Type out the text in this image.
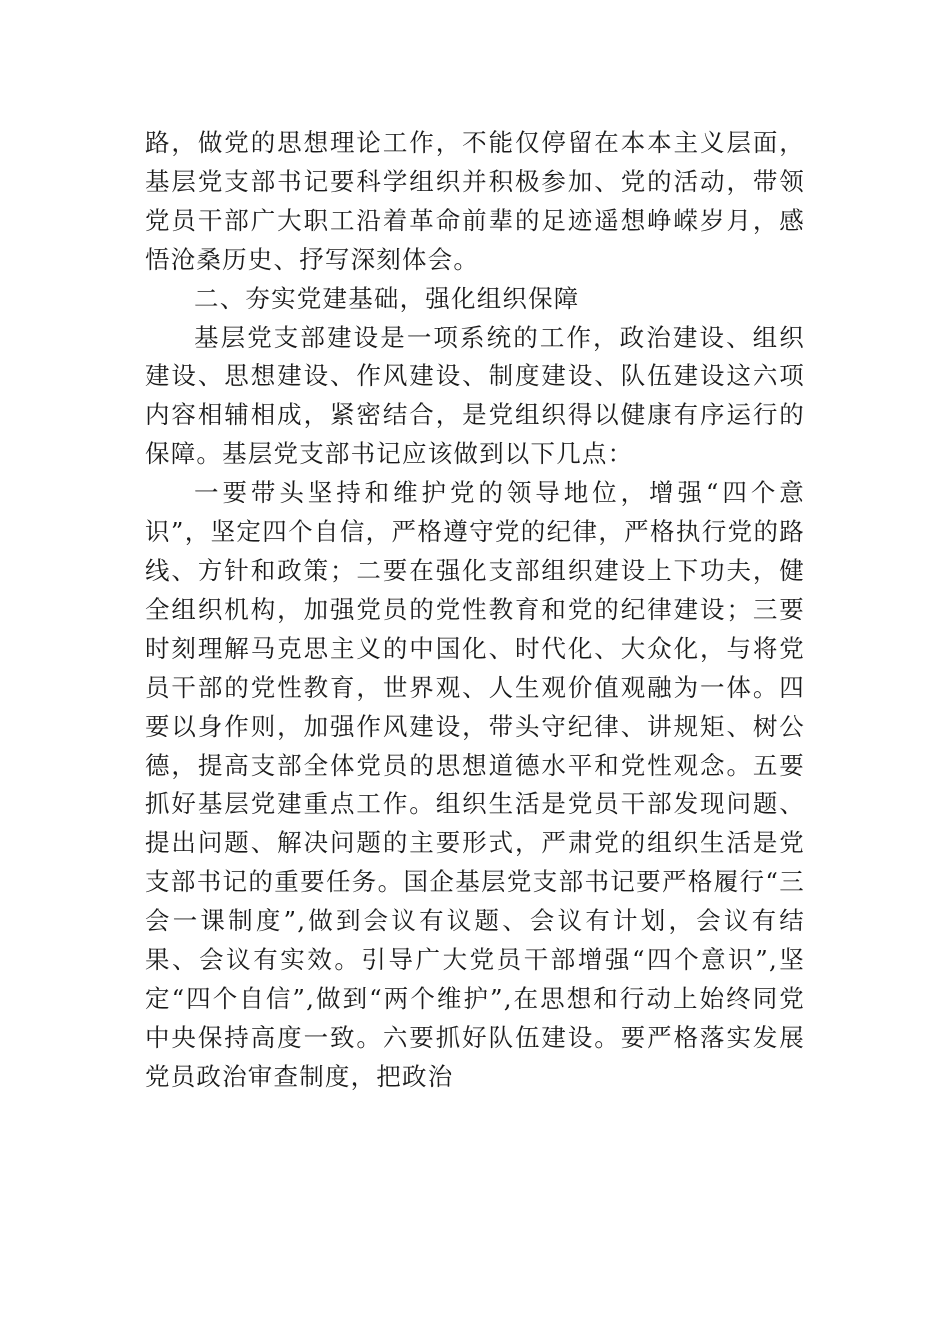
路，做党的思想理论工作，不能仅停留在本本主义层面，基层党支部书记要科学组织并积极参加、党的活动，带领党员干部广大职工沿着革命前辈的足迹遥想峥嵘岁月，感悟沧桑历史、抒写深刻体会。

二、夯实党建基础，强化组织保障

基层党支部建设是一项系统的工作，政治建设、组织建设、思想建设、作风建设、制度建设、队伍建设这六项内容相辅相成，紧密结合，是党组织得以健康有序运行的保障。基层党支部书记应该做到以下几点：

一要带头坚持和维护党的领导地位，增强“四个意识”，坚定四个自信，严格遵守党的纪律，严格执行党的路线、方针和政策；二要在强化支部组织建设上下功夫，健全组织机构，加强党员的党性教育和党的纪律建设；三要时刻理解马克思主义的中国化、时代化、大众化，与将党员干部的党性教育，世界观、人生观价值观融为一体。四要以身作则，加强作风建设，带头守纪律、讲规矩、树公德，提高支部全体党员的思想道德水平和党性观念。五要抓好基层党建重点工作。组织生活是党员干部发现问题、提出问题、解决问题的主要形式，严肃党的组织生活是党支部书记的重要任务。国企基层党支部书记要严格履行“三会一课制度”,做到会议有议题、会议有计划，会议有结果、会议有实效。引导广大党员干部增强“四个意识”,坚定“四个自信”,做到“两个维护”,在思想和行动上始终同党中央保持高度一致。六要抓好队伍建设。要严格落实发展党员政治审查制度，把政治
